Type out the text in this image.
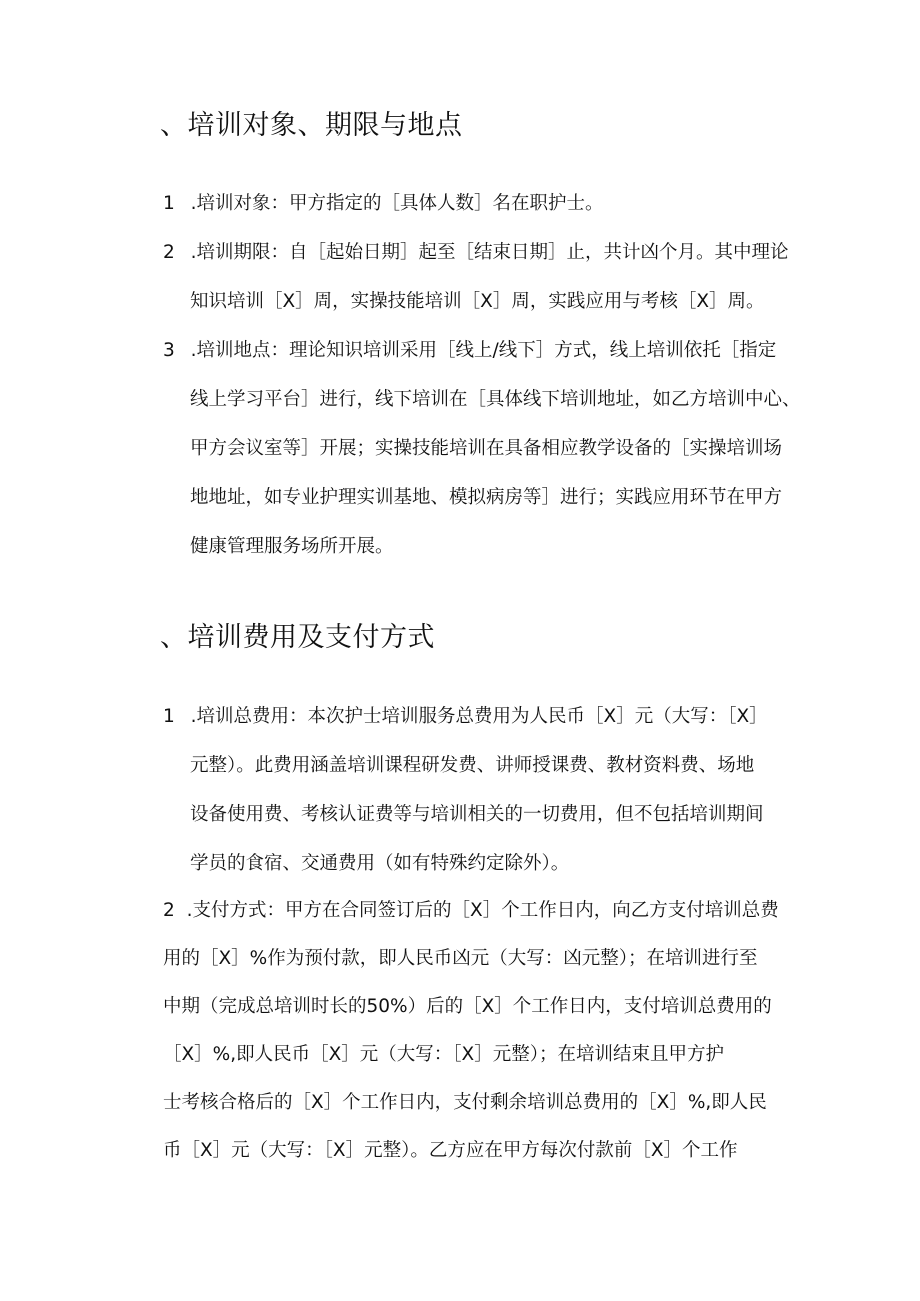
、培训对象、期限与地点
1 .培训对象：甲方指定的［具体人数］名在职护士。
2 .培训期限：自［起始日期］起至［结束日期］止，共计凶个月。其中理论
知识培训［X］周，实操技能培训［X］周，实践应用与考核［X］周。
3 .培训地点：理论知识培训采用［线上/线下］方式，线上培训依托［指定
线上学习平台］进行，线下培训在［具体线下培训地址，如乙方培训中心、
甲方会议室等］开展；实操技能培训在具备相应教学设备的［实操培训场
地地址，如专业护理实训基地、模拟病房等］进行；实践应用环节在甲方
健康管理服务场所开展。
、培训费用及支付方式
1 .培训总费用：本次护士培训服务总费用为人民币［X］元（大写：［X］
元整）。此费用涵盖培训课程研发费、讲师授课费、教材资料费、场地
设备使用费、考核认证费等与培训相关的一切费用，但不包括培训期间
学员的食宿、交通费用（如有特殊约定除外）。
2 .支付方式：甲方在合同签订后的［X］个工作日内，向乙方支付培训总费
用的［X］%作为预付款，即人民币凶元（大写：凶元整）；在培训进行至
中期（完成总培训时长的50%）后的［X］个工作日内，支付培训总费用的
［X］%,即人民币［X］元（大写：［X］元整）；在培训结束且甲方护
士考核合格后的［X］个工作日内，支付剩余培训总费用的［X］%,即人民
币［X］元（大写：［X］元整）。乙方应在甲方每次付款前［X］个工作
